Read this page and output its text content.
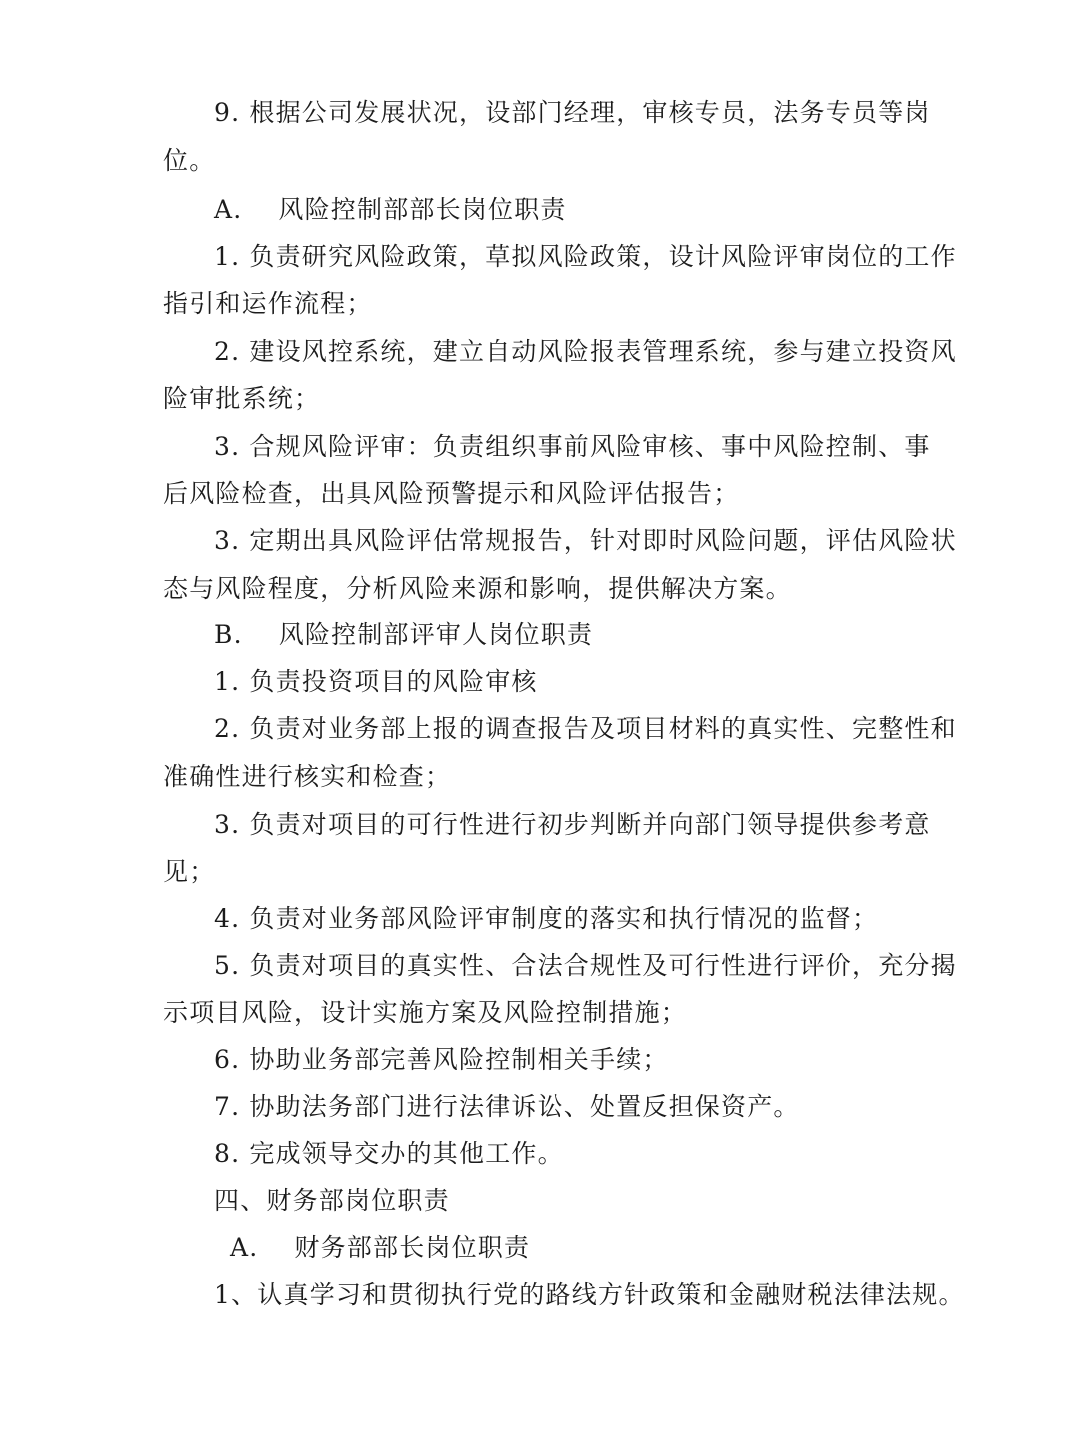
9. 根据公司发展状况，设部门经理，审核专员，法务专员等岗
位。
A. 风险控制部部长岗位职责
1. 负责研究风险政策，草拟风险政策，设计风险评审岗位的工作
指引和运作流程；
2. 建设风控系统，建立自动风险报表管理系统，参与建立投资风
险审批系统；
3. 合规风险评审：负责组织事前风险审核、事中风险控制、事
后风险检查，出具风险预警提示和风险评估报告；
3. 定期出具风险评估常规报告，针对即时风险问题，评估风险状
态与风险程度，分析风险来源和影响，提供解决方案。
B. 风险控制部评审人岗位职责
1. 负责投资项目的风险审核
2. 负责对业务部上报的调查报告及项目材料的真实性、完整性和
准确性进行核实和检查；
3. 负责对项目的可行性进行初步判断并向部门领导提供参考意
见；
4. 负责对业务部风险评审制度的落实和执行情况的监督；
5. 负责对项目的真实性、合法合规性及可行性进行评价，充分揭
示项目风险，设计实施方案及风险控制措施；
6. 协助业务部完善风险控制相关手续；
7. 协助法务部门进行法律诉讼、处置反担保资产。
8. 完成领导交办的其他工作。
四、财务部岗位职责
A. 财务部部长岗位职责
1、认真学习和贯彻执行党的路线方针政策和金融财税法律法规。
